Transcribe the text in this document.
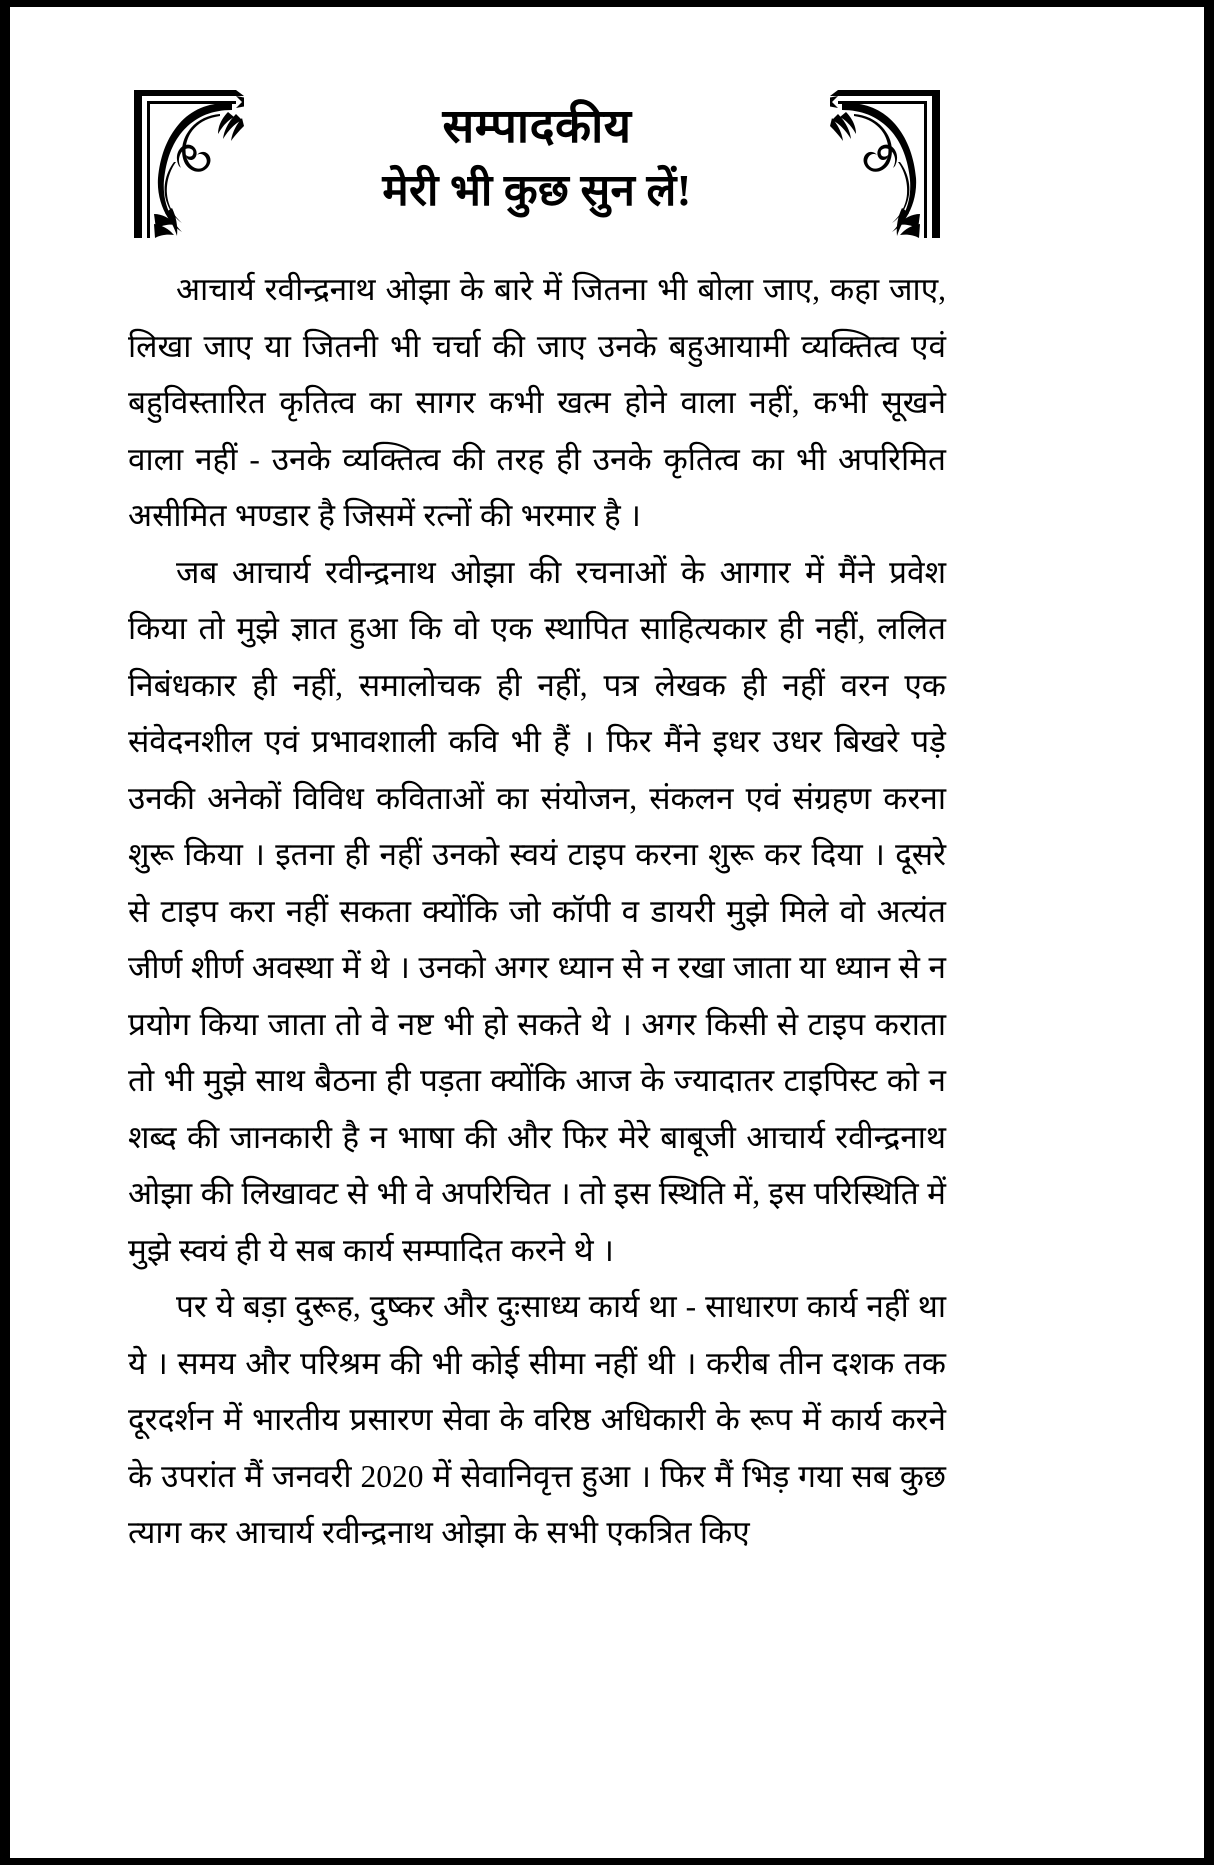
सम्पादकीय
मेरी भी कुछ सुन लें!

आचार्य रवीन्द्रनाथ ओझा के बारे में जितना भी बोला जाए, कहा जाए, लिखा जाए या जितनी भी चर्चा की जाए उनके बहुआयामी व्यक्तित्व एवं बहुविस्तारित कृतित्व का सागर कभी खत्म होने वाला नहीं, कभी सूखने वाला नहीं - उनके व्यक्तित्व की तरह ही उनके कृतित्व का भी अपरिमित असीमित भण्डार है जिसमें रत्नों की भरमार है ।

जब आचार्य रवीन्द्रनाथ ओझा की रचनाओं के आगार में मैंने प्रवेश किया तो मुझे ज्ञात हुआ कि वो एक स्थापित साहित्यकार ही नहीं, ललित निबंधकार ही नहीं, समालोचक ही नहीं, पत्र लेखक ही नहीं वरन एक संवेदनशील एवं प्रभावशाली कवि भी हैं । फिर मैंने इधर उधर बिखरे पड़े उनकी अनेकों विविध कविताओं का संयोजन, संकलन एवं संग्रहण करना शुरू किया । इतना ही नहीं उनको स्वयं टाइप करना शुरू कर दिया । दूसरे से टाइप करा नहीं सकता क्योंकि जो कॉपी व डायरी मुझे मिले वो अत्यंत जीर्ण शीर्ण अवस्था में थे । उनको अगर ध्यान से न रखा जाता या ध्यान से न प्रयोग किया जाता तो वे नष्ट भी हो सकते थे । अगर किसी से टाइप कराता तो भी मुझे साथ बैठना ही पड़ता क्योंकि आज के ज्यादातर टाइपिस्ट को न शब्द की जानकारी है न भाषा की और फिर मेरे बाबूजी आचार्य रवीन्द्रनाथ ओझा की लिखावट से भी वे अपरिचित । तो इस स्थिति में, इस परिस्थिति में मुझे स्वयं ही ये सब कार्य सम्पादित करने थे ।

पर ये बड़ा दुरूह, दुष्कर और दुःसाध्य कार्य था - साधारण कार्य नहीं था ये । समय और परिश्रम की भी कोई सीमा नहीं थी । करीब तीन दशक तक दूरदर्शन में भारतीय प्रसारण सेवा के वरिष्ठ अधिकारी के रूप में कार्य करने के उपरांत मैं जनवरी 2020 में सेवानिवृत्त हुआ । फिर मैं भिड़ गया सब कुछ त्याग कर आचार्य रवीन्द्रनाथ ओझा के सभी एकत्रित किए
